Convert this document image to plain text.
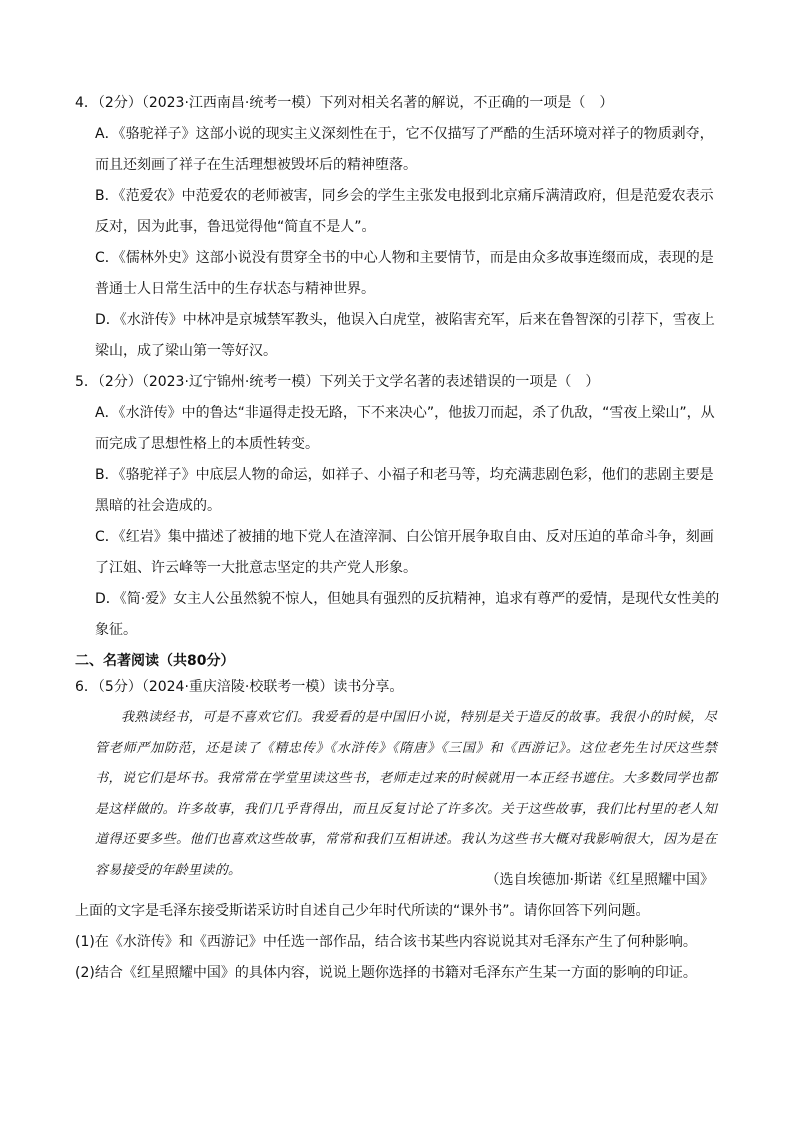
4．（2分）（2023·江西南昌·统考一模）下列对相关名著的解说，不正确的一项是（　）
A．《骆驼祥子》这部小说的现实主义深刻性在于，它不仅描写了严酷的生活环境对祥子的物质剥夺，
而且还刻画了祥子在生活理想被毁坏后的精神堕落。
B．《范爱农》中范爱农的老师被害，同乡会的学生主张发电报到北京痛斥满清政府，但是范爱农表示
反对，因为此事，鲁迅觉得他“简直不是人”。
C．《儒林外史》这部小说没有贯穿全书的中心人物和主要情节，而是由众多故事连缀而成，表现的是
普通士人日常生活中的生存状态与精神世界。
D．《水浒传》中林冲是京城禁军教头，他误入白虎堂，被陷害充军，后来在鲁智深的引荐下，雪夜上
梁山，成了梁山第一等好汉。
5．（2分）（2023·辽宁锦州·统考一模）下列关于文学名著的表述错误的一项是（　）
A．《水浒传》中的鲁达“非逼得走投无路，下不来决心”，他拔刀而起，杀了仇敌，“雪夜上梁山”，从
而完成了思想性格上的本质性转变。
B．《骆驼祥子》中底层人物的命运，如祥子、小福子和老马等，均充满悲剧色彩，他们的悲剧主要是
黑暗的社会造成的。
C．《红岩》集中描述了被捕的地下党人在渣滓洞、白公馆开展争取自由、反对压迫的革命斗争，刻画
了江姐、许云峰等一大批意志坚定的共产党人形象。
D．《简·爱》女主人公虽然貌不惊人，但她具有强烈的反抗精神，追求有尊严的爱情，是现代女性美的
象征。
二、名著阅读（共80分）
6．（5分）（2024·重庆涪陵·校联考一模）读书分享。
我熟读经书，可是不喜欢它们。我爱看的是中国旧小说，特别是关于造反的故事。我很小的时候，尽管老师严加防范，还是读了《精忠传》《水浒传》《隋唐》《三国》和《西游记》。这位老先生讨厌这些禁书，说它们是坏书。我常常在学堂里读这些书，老师走过来的时候就用一本正经书遮住。大多数同学也都是这样做的。许多故事，我们几乎背得出，而且反复讨论了许多次。关于这些故事，我们比村里的老人知道得还要多些。他们也喜欢这些故事，常常和我们互相讲述。我认为这些书大概对我影响很大，因为是在容易接受的年龄里读的。
（选自埃德加·斯诺《红星照耀中国》
上面的文字是毛泽东接受斯诺采访时自述自己少年时代所读的“课外书”。请你回答下列问题。
(1)在《水浒传》和《西游记》中任选一部作品，结合该书某些内容说说其对毛泽东产生了何种影响。
(2)结合《红星照耀中国》的具体内容，说说上题你选择的书籍对毛泽东产生某一方面的影响的印证。
